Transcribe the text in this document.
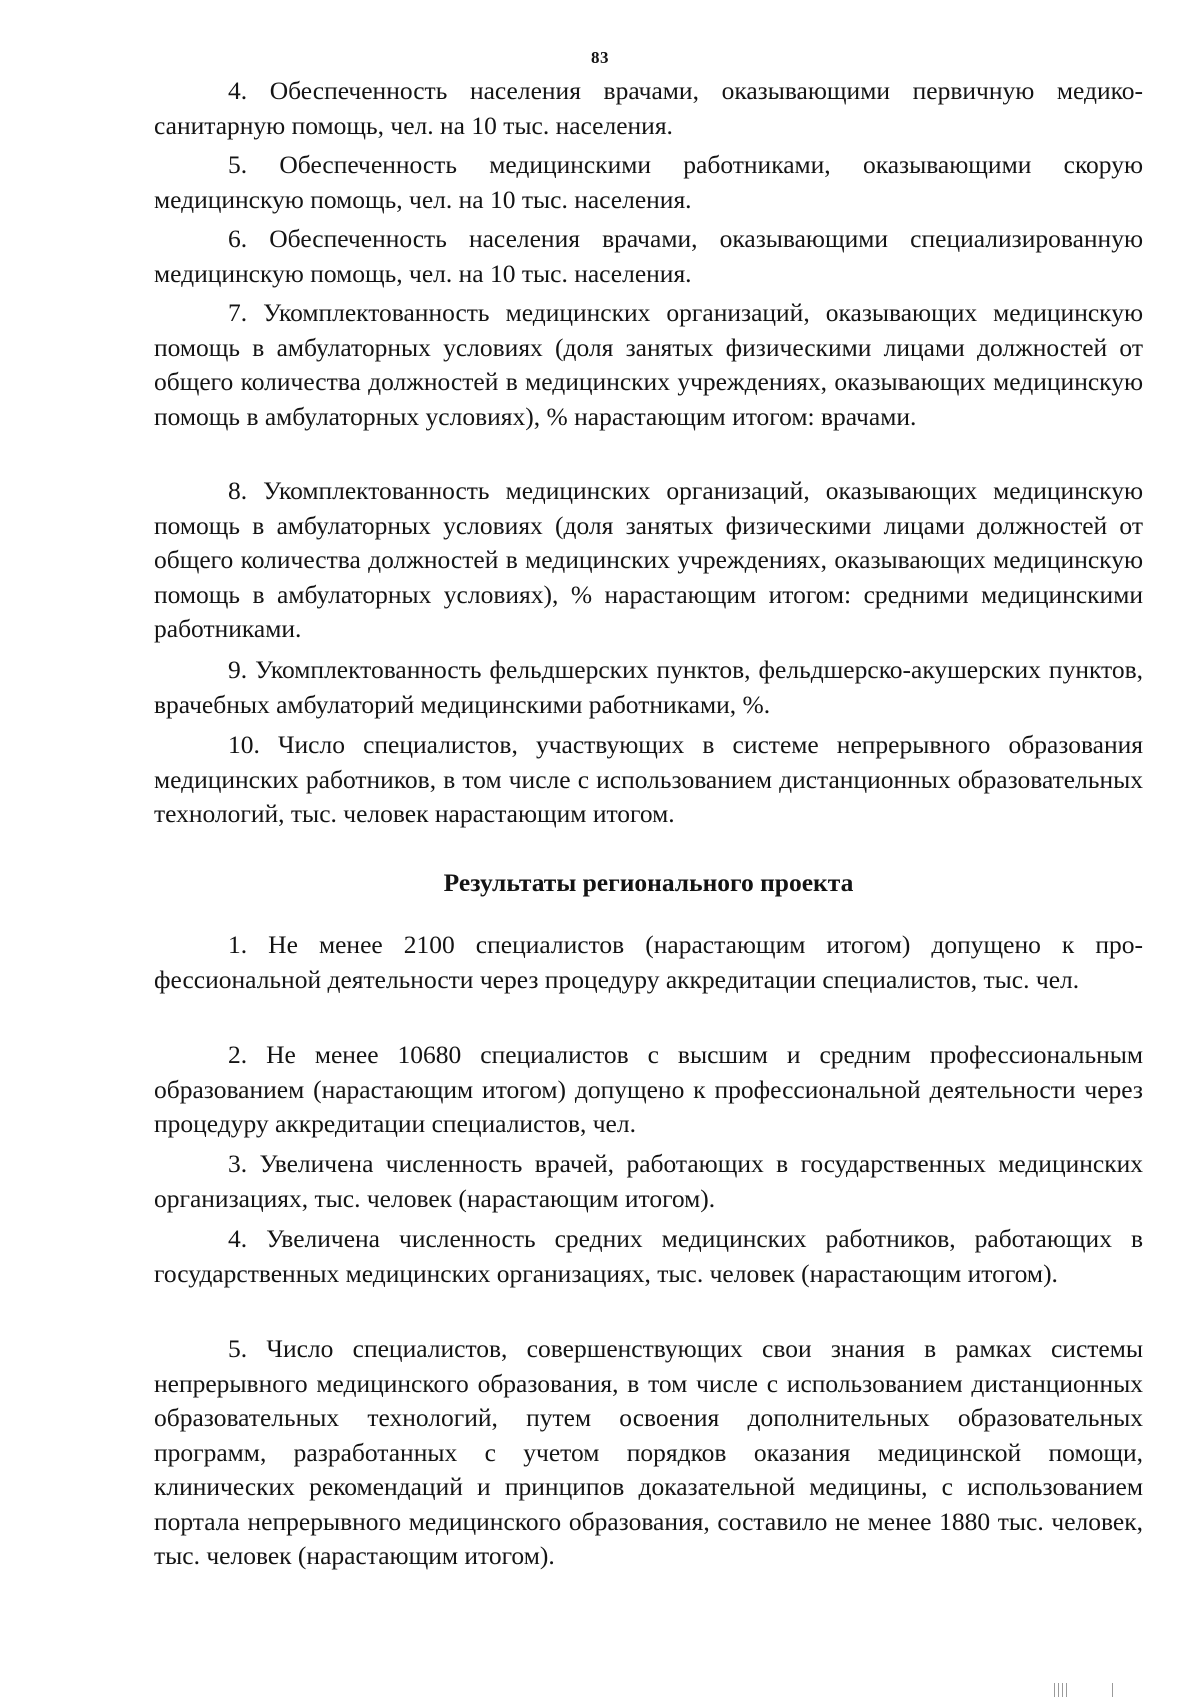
83

4. Обеспеченность населения врачами, оказывающими первичную медико-санитарную помощь, чел. на 10 тыс. населения.

5. Обеспеченность медицинскими работниками, оказывающими скорую медицинскую помощь, чел. на 10 тыс. населения.

6. Обеспеченность населения врачами, оказывающими специализированную медицинскую помощь, чел. на 10 тыс. населения.

7. Укомплектованность медицинских организаций, оказывающих медицинскую помощь в амбулаторных условиях (доля занятых физическими лицами должностей от общего количества должностей в медицинских учреждениях, оказывающих медицинскую помощь в амбулаторных условиях), % нарастающим итогом: врачами.

8. Укомплектованность медицинских организаций, оказывающих медицинскую помощь в амбулаторных условиях (доля занятых физическими лицами должностей от общего количества должностей в медицинских учреждениях, оказывающих медицинскую помощь в амбулаторных условиях), % нарастающим итогом: средними медицинскими работниками.

9. Укомплектованность фельдшерских пунктов, фельдшерско-акушерских пунктов, врачебных амбулаторий медицинскими работниками, %.

10. Число специалистов, участвующих в системе непрерывного образования медицинских работников, в том числе с использованием дистанционных образовательных технологий, тыс. человек нарастающим итогом.

Результаты регионального проекта

1. Не менее 2100 специалистов (нарастающим итогом) допущено к профессиональной деятельности через процедуру аккредитации специалистов, тыс. чел.

2. Не менее 10680 специалистов с высшим и средним профессиональным образованием (нарастающим итогом) допущено к профессиональной деятельности через процедуру аккредитации специалистов, чел.

3. Увеличена численность врачей, работающих в государственных медицинских организациях, тыс. человек (нарастающим итогом).

4. Увеличена численность средних медицинских работников, работающих в государственных медицинских организациях, тыс. человек (нарастающим итогом).

5. Число специалистов, совершенствующих свои знания в рамках системы непрерывного медицинского образования, в том числе с использованием дистанционных образовательных технологий, путем освоения дополнительных образовательных программ, разработанных с учетом порядков оказания медицинской помощи, клинических рекомендаций и принципов доказательной медицины, с использованием портала непрерывного медицинского образования, составило не менее 1880 тыс. человек, тыс. человек (нарастающим итогом).
